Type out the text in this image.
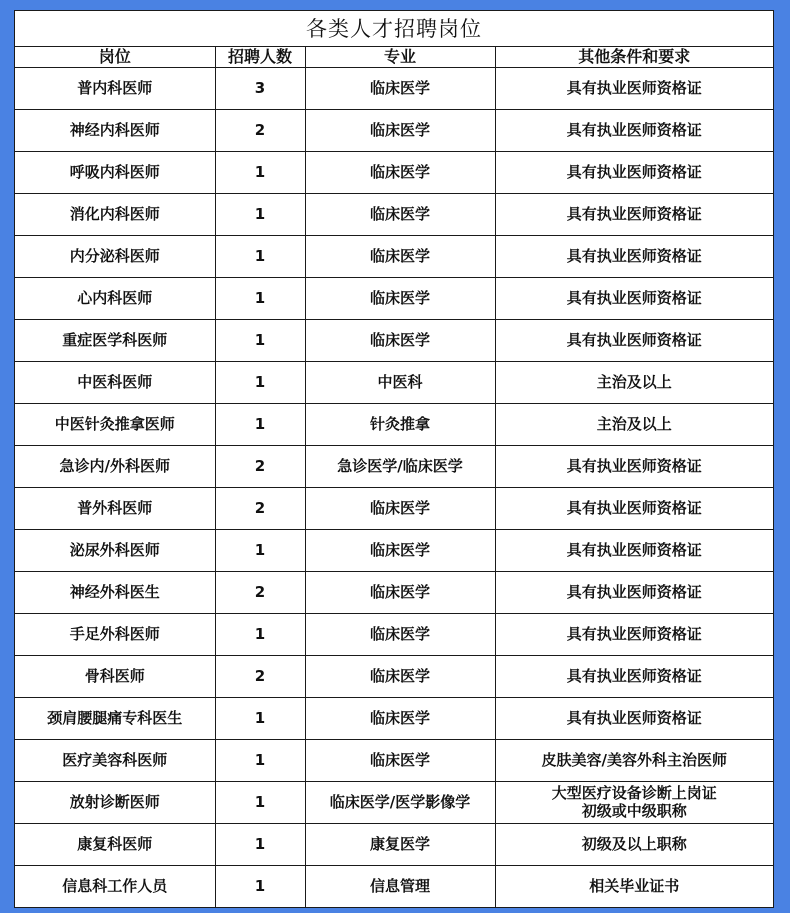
各类人才招聘岗位
岗位	招聘人数	专业	其他条件和要求
普内科医师	3	临床医学	具有执业医师资格证
神经内科医师	2	临床医学	具有执业医师资格证
呼吸内科医师	1	临床医学	具有执业医师资格证
消化内科医师	1	临床医学	具有执业医师资格证
内分泌科医师	1	临床医学	具有执业医师资格证
心内科医师	1	临床医学	具有执业医师资格证
重症医学科医师	1	临床医学	具有执业医师资格证
中医科医师	1	中医科	主治及以上
中医针灸推拿医师	1	针灸推拿	主治及以上
急诊内/外科医师	2	急诊医学/临床医学	具有执业医师资格证
普外科医师	2	临床医学	具有执业医师资格证
泌尿外科医师	1	临床医学	具有执业医师资格证
神经外科医生	2	临床医学	具有执业医师资格证
手足外科医师	1	临床医学	具有执业医师资格证
骨科医师	2	临床医学	具有执业医师资格证
颈肩腰腿痛专科医生	1	临床医学	具有执业医师资格证
医疗美容科医师	1	临床医学	皮肤美容/美容外科主治医师
放射诊断医师	1	临床医学/医学影像学	大型医疗设备诊断上岗证
初级或中级职称

康复科医师	1	康复医学	初级及以上职称
信息科工作人员	1	信息管理	相关毕业证书
